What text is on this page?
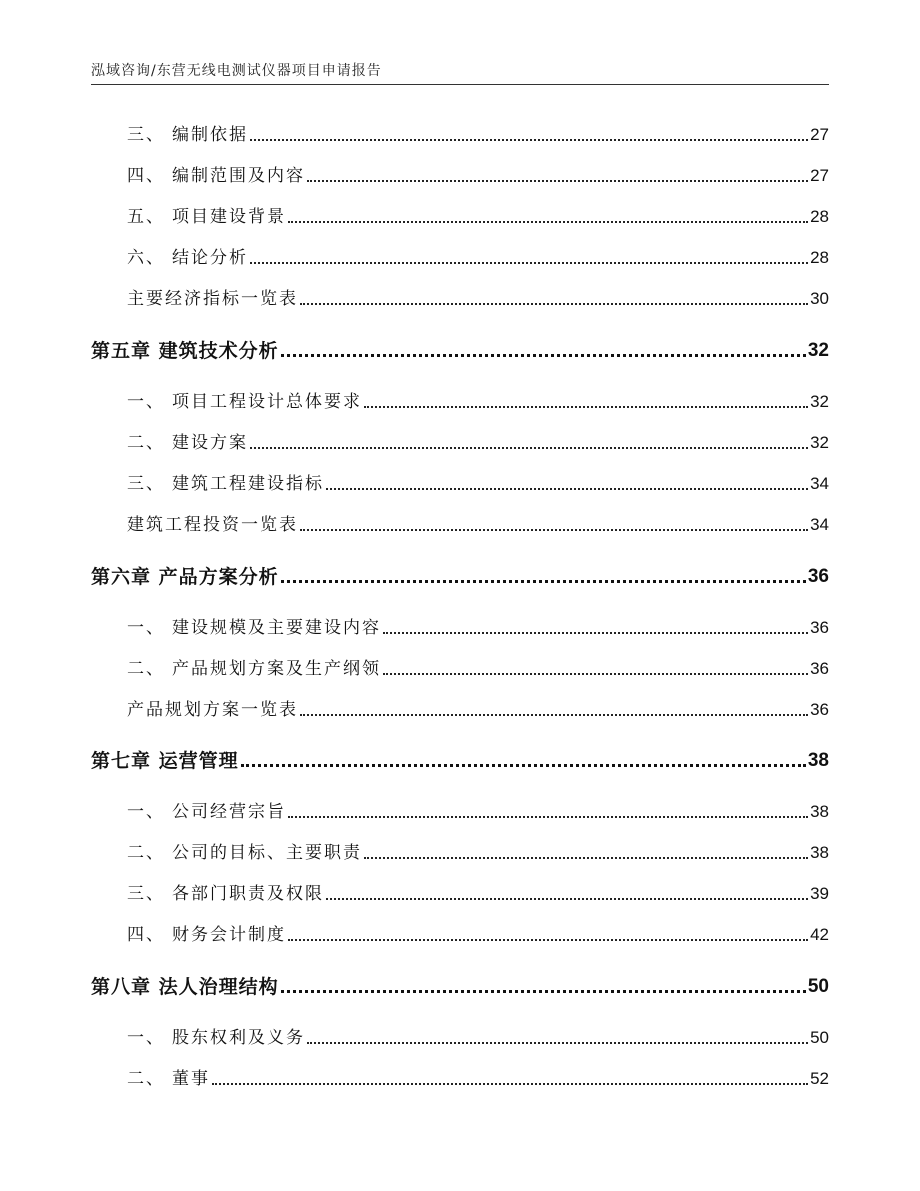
泓域咨询/东营无线电测试仪器项目申请报告
三、 编制依据	27
四、 编制范围及内容	27
五、 项目建设背景	28
六、 结论分析	28
主要经济指标一览表	30
第五章 建筑技术分析	32
一、 项目工程设计总体要求	32
二、 建设方案	32
三、 建筑工程建设指标	34
建筑工程投资一览表	34
第六章 产品方案分析	36
一、 建设规模及主要建设内容	36
二、 产品规划方案及生产纲领	36
产品规划方案一览表	36
第七章 运营管理	38
一、 公司经营宗旨	38
二、 公司的目标、主要职责	38
三、 各部门职责及权限	39
四、 财务会计制度	42
第八章 法人治理结构	50
一、 股东权利及义务	50
二、 董事	52
